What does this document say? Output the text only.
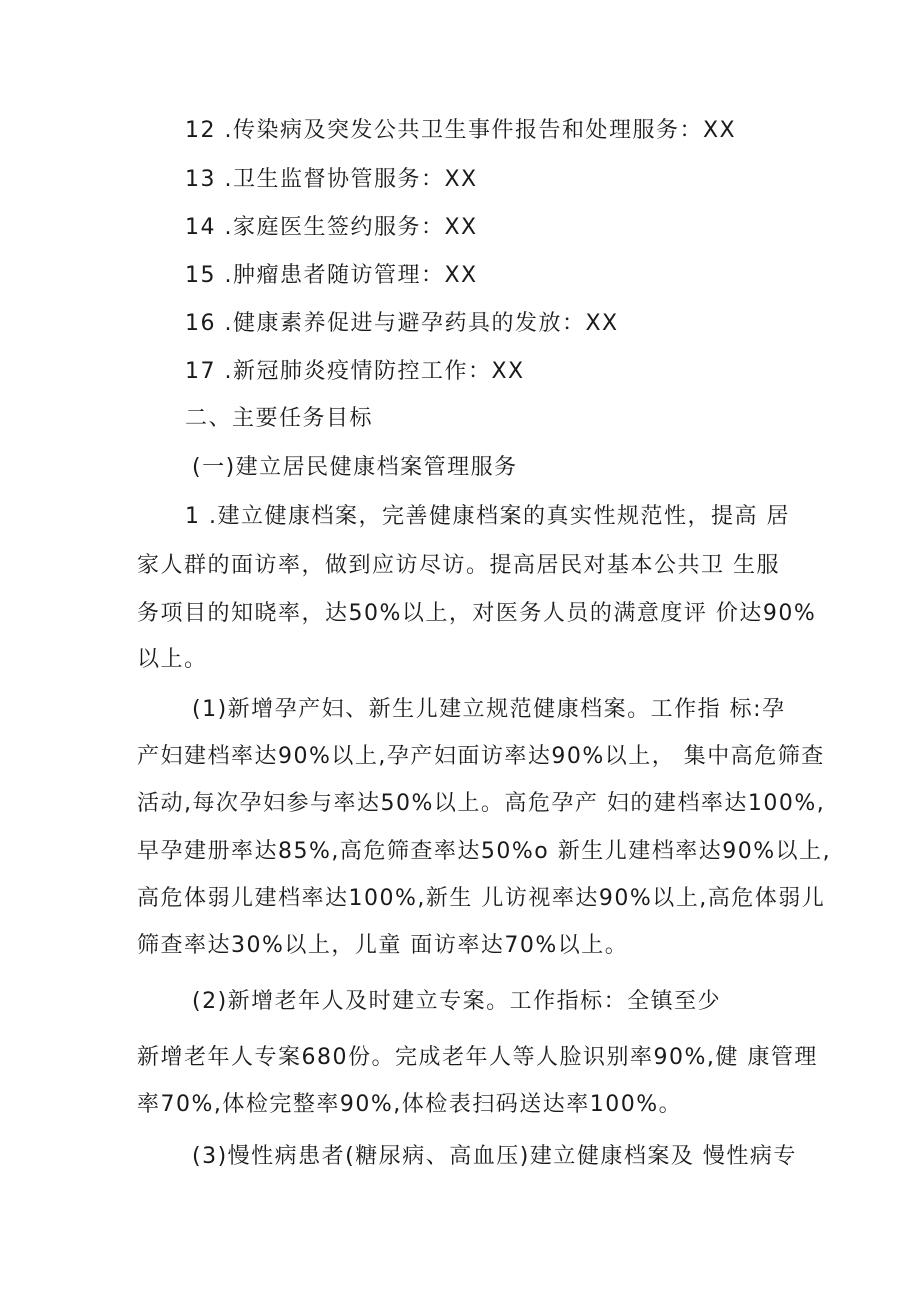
12 .传染病及突发公共卫生事件报告和处理服务：XX
13 .卫生监督协管服务：XX
14 .家庭医生签约服务：XX
15 .肿瘤患者随访管理：XX
16 .健康素养促进与避孕药具的发放：XX
17 .新冠肺炎疫情防控工作：XX
二、主要任务目标
(一)建立居民健康档案管理服务
1 .建立健康档案，完善健康档案的真实性规范性，提高 居
家人群的面访率，做到应访尽访。提高居民对基本公共卫 生服
务项目的知晓率，达50%以上，对医务人员的满意度评 价达90%
以上。
(1)新增孕产妇、新生儿建立规范健康档案。工作指 标:孕
产妇建档率达90%以上,孕产妇面访率达90%以上， 集中高危筛查
活动,每次孕妇参与率达50%以上。高危孕产 妇的建档率达100%,
早孕建册率达85%,高危筛查率达50%o 新生儿建档率达90%以上,
高危体弱儿建档率达100%,新生 儿访视率达90%以上,高危体弱儿
筛查率达30%以上，儿童 面访率达70%以上。
(2)新增老年人及时建立专案。工作指标：全镇至少
新增老年人专案680份。完成老年人等人脸识别率90%,健 康管理
率70%,体检完整率90%,体检表扫码送达率100%。
(3)慢性病患者(糖尿病、高血压)建立健康档案及 慢性病专
